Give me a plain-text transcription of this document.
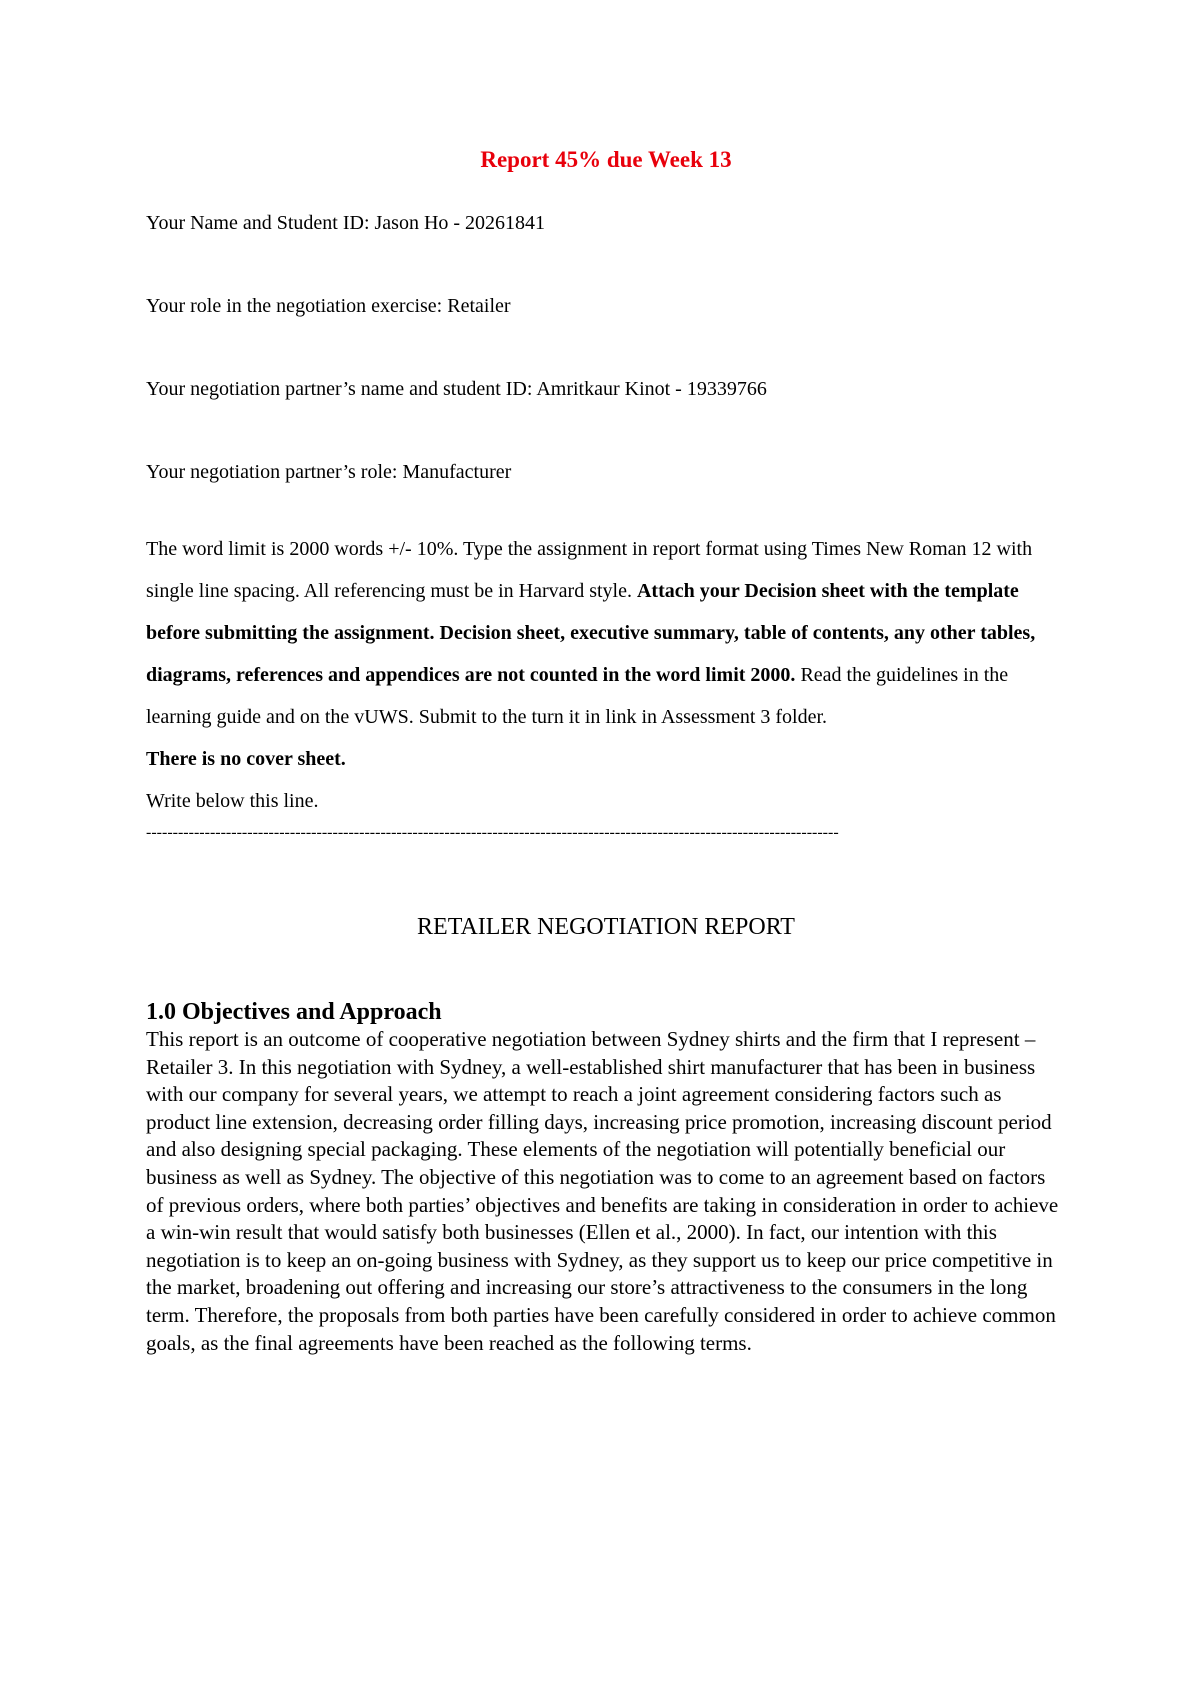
Report 45% due Week 13

Your Name and Student ID: Jason Ho - 20261841

Your role in the negotiation exercise: Retailer

Your negotiation partner’s name and student ID: Amritkaur Kinot - 19339766

Your negotiation partner’s role: Manufacturer

The word limit is 2000 words +/- 10%. Type the assignment in report format using Times New Roman 12 with single line spacing. All referencing must be in Harvard style. Attach your Decision sheet with the template before submitting the assignment. Decision sheet, executive summary, table of contents, any other tables, diagrams, references and appendices are not counted in the word limit 2000. Read the guidelines in the learning guide and on the vUWS. Submit to the turn it in link in Assessment 3 folder.

There is no cover sheet.

Write below this line.

----------------------------------------------------------------------------------------------------------------------------------

RETAILER NEGOTIATION REPORT

1.0 Objectives and Approach

This report is an outcome of cooperative negotiation between Sydney shirts and the firm that I represent – Retailer 3. In this negotiation with Sydney, a well-established shirt manufacturer that has been in business with our company for several years, we attempt to reach a joint agreement considering factors such as product line extension, decreasing order filling days, increasing price promotion, increasing discount period and also designing special packaging. These elements of the negotiation will potentially beneficial our business as well as Sydney. The objective of this negotiation was to come to an agreement based on factors of previous orders, where both parties’ objectives and benefits are taking in consideration in order to achieve a win-win result that would satisfy both businesses (Ellen et al., 2000). In fact, our intention with this negotiation is to keep an on-going business with Sydney, as they support us to keep our price competitive in the market, broadening out offering and increasing our store’s attractiveness to the consumers in the long term. Therefore, the proposals from both parties have been carefully considered in order to achieve common goals, as the final agreements have been reached as the following terms.
